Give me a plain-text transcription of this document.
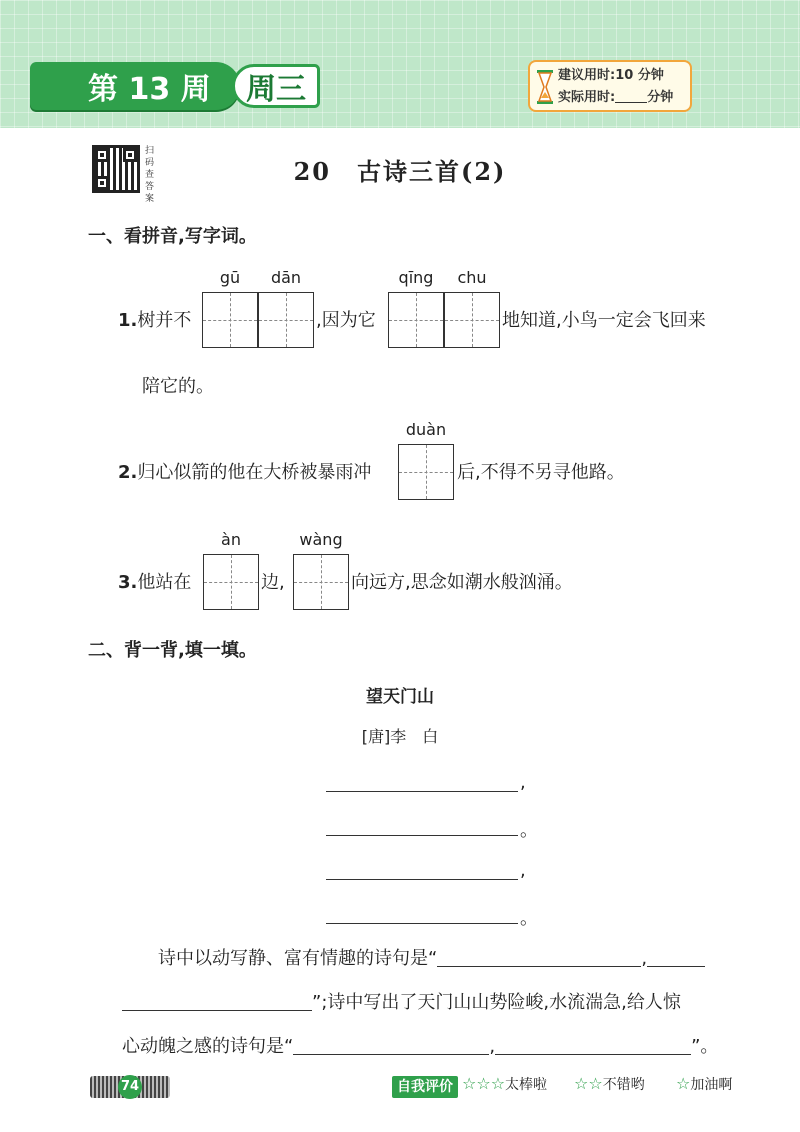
第 13 周 周三	建议用时:10 分钟
实际用时: 分钟
扫码查答案
20　古诗三首(2)
一、看拼音,写字词。
gū	dān	qīng	chu
1.树并不	,因为它	地知道,小鸟一定会飞回来
陪它的。
duàn
2.归心似箭的他在大桥被暴雨冲	后,不得不另寻他路。
àn	wàng
3.他站在	边,	向远方,思念如潮水般汹涌。
二、背一背,填一填。
望天门山
[唐]李　白
,
。
,
。
诗中以动写静、富有情趣的诗句是“	,
”;诗中写出了天门山山势险峻,水流湍急,给人惊
心动魄之感的诗句是“	,	”。
74	自我评价 ☆☆☆太棒啦 ☆☆不错哟 ☆加油啊
